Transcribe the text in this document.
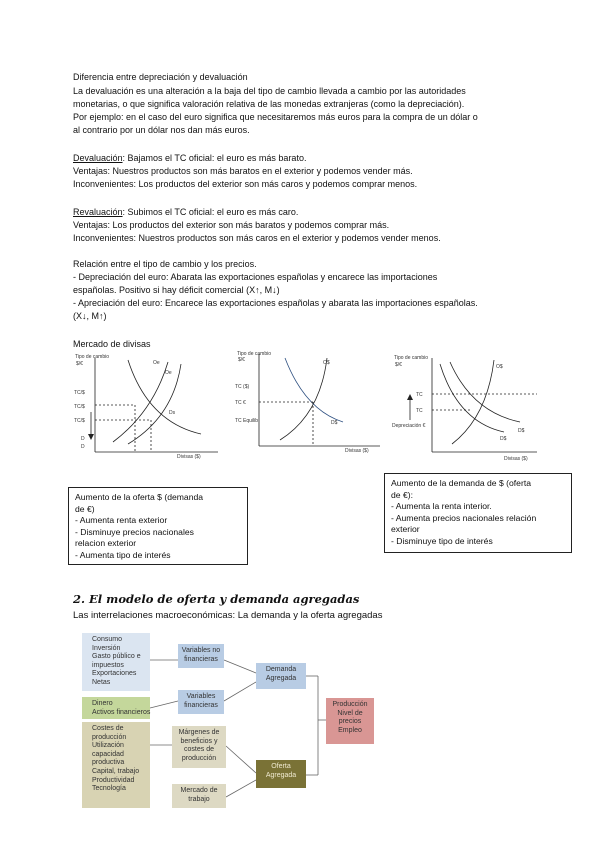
Diferencia entre depreciación y devaluación
La devaluación es una alteración a la baja del tipo de cambio llevada a cambio por las autoridades
monetarias, o que significa valoración relativa de las monedas extranjeras (como la depreciación).
Por ejemplo: en el caso del euro significa que necesitaremos más euros para la compra de un dólar o
al contrario por un dólar nos dan más euros.
Devaluación: Bajamos el TC oficial: el euro es más barato.
Ventajas: Nuestros productos son más baratos en el exterior y podemos vender más.
Inconvenientes: Los productos del exterior son más caros y podemos comprar menos.
Revaluación: Subimos el TC oficial: el euro es más caro.
Ventajas: Los productos del exterior son más baratos y podemos comprar más.
Inconvenientes: Nuestros productos son más caros en el exterior y podemos vender menos.
Relación entre el tipo de cambio y los precios.
- Depreciación del euro: Abarata las exportaciones españolas y encarece las importaciones
españolas. Positivo si hay déficit comercial (X↑, M↓)
- Apreciación del euro: Encarece las exportaciones españolas y abarata las importaciones españolas.
(X↓, M↑)
Mercado de divisas
Tipo de cambio
$/€
TC/$
TC/$
TC/$
D
D
Oe
Oe
Ds
Divisas ($)
Tipo de cambio
$/€
TC ($)
TC €
TC Equilib
O$
D$
Divisas ($)
Tipo de cambio
$/€
TC
TC
Depreciación €
O$
D$
D$
Divisas ($)
Aumento de la oferta $ (demanda
de €)
- Aumenta renta exterior
- Disminuye precios nacionales
relacion exterior
- Aumenta tipo de interés
Aumento de la demanda de $ (oferta
de €):
- Aumenta la renta interior.
- Aumenta precios nacionales relación
exterior
- Disminuye tipo de interés
2. El modelo de oferta y demanda agregadas
Las interrelaciones macroeconómicas: La demanda y la oferta agregadas
Consumo
Inversión
Gasto público e
impuestos
Exportaciones
Netas
Dinero
Activos financieros
Costes de
producción
Utilización
capacidad
productiva
Capital, trabajo
Productividad
Tecnología
Variables no
financieras
Variables
financieras
Márgenes de
beneficios y
costes de
producción
Mercado de
trabajo
Demanda
Agregada
Oferta
Agregada
Producción
Nivel de
precios
Empleo
